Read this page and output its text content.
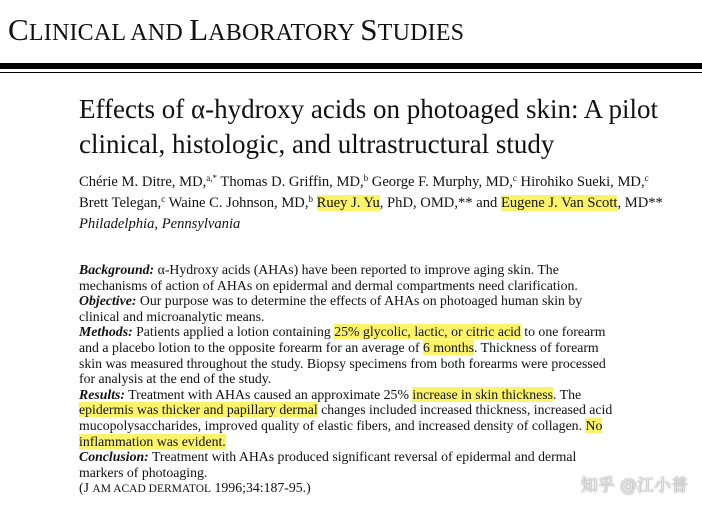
CLINICAL AND LABORATORY STUDIES
Effects of α-hydroxy acids on photoaged skin: A pilot clinical, histologic, and ultrastructural study
Chérie M. Ditre, MD,$^{a,*}$ Thomas D. Griffin, MD,$^b$ George F. Murphy, MD,$^c$ Hirohiko Sueki, MD,$^c$ Brett Telegan,$^c$ Waine C. Johnson, MD,$^b$ Ruey J. Yu, PhD, OMD,** and Eugene J. Van Scott, MD** Philadelphia, Pennsylvania

Background: α-Hydroxy acids (AHAs) have been reported to improve aging skin. The mechanisms of action of AHAs on epidermal and dermal compartments need clarification.

Objective: Our purpose was to determine the effects of AHAs on photoaged human skin by clinical and microanalytic means.

Methods: Patients applied a lotion containing 25% glycolic, lactic, or citric acid to one forearm and a placebo lotion to the opposite forearm for an average of 6 months. Thickness of forearm skin was measured throughout the study. Biopsy specimens from both forearms were processed for analysis at the end of the study.

Results: Treatment with AHAs caused an approximate 25% increase in skin thickness. The epidermis was thicker and papillary dermal changes included increased thickness, increased acid mucopolysaccharides, improved quality of elastic fibers, and increased density of collagen. No inflammation was evident.

Conclusion: Treatment with AHAs produced significant reversal of epidermal and dermal markers of photoaging.

(J AM ACAD DERMATOL 1996;34:187-95.)	知乎 @江小普
